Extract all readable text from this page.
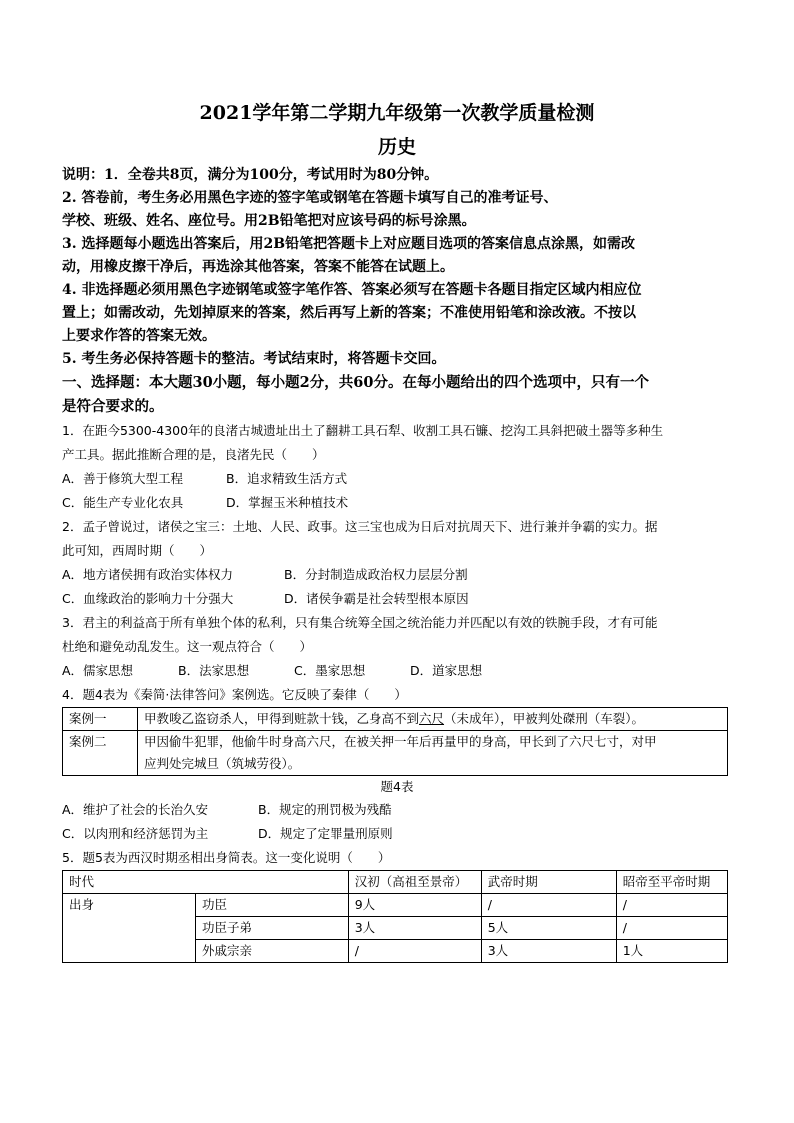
2021学年第二学期九年级第一次教学质量检测
历史
说明：1．全卷共8页，满分为100分，考试用时为80分钟。
2. 答卷前，考生务必用黑色字迹的签字笔或钢笔在答题卡填写自己的准考证号、
学校、班级、姓名、座位号。用2B铅笔把对应该号码的标号涂黑。
3. 选择题每小题选出答案后，用2B铅笔把答题卡上对应题目选项的答案信息点涂黑，如需改
动，用橡皮擦干净后，再选涂其他答案，答案不能答在试题上。
4. 非选择题必须用黑色字迹钢笔或签字笔作答、答案必须写在答题卡各题目指定区域内相应位
置上；如需改动，先划掉原来的答案，然后再写上新的答案；不准使用铅笔和涂改液。不按以
上要求作答的答案无效。
5. 考生务必保持答题卡的整洁。考试结束时，将答题卡交回。
一、选择题：本大题30小题，每小题2分，共60分。在每小题给出的四个选项中，只有一个
是符合要求的。
1．在距今5300-4300年的良渚古城遗址出土了翻耕工具石犁、收割工具石镰、挖沟工具斜把破土器等多种生
产工具。据此推断合理的是，良渚先民（　　）
A．善于修筑大型工程	B．追求精致生活方式
C．能生产专业化农具	D．掌握玉米种植技术
2．孟子曾说过，诸侯之宝三：土地、人民、政事。这三宝也成为日后对抗周天下、进行兼并争霸的实力。据
此可知，西周时期（　　）
A．地方诸侯拥有政治实体权力	B．分封制造成政治权力层层分割
C．血缘政治的影响力十分强大	D．诸侯争霸是社会转型根本原因
3．君主的利益高于所有单独个体的私利，只有集合统筹全国之统治能力并匹配以有效的铁腕手段，才有可能
杜绝和避免动乱发生。这一观点符合（　　）
A．儒家思想	B．法家思想	C．墨家思想	D．道家思想
4．题4表为《秦简·法律答问》案例选。它反映了秦律（　　）
案例一	甲教唆乙盗窃杀人，甲得到赃款十钱，乙身高不到六尺（未成年），甲被判处磔刑（车裂）。
案例二	甲因偷牛犯罪，他偷牛时身高六尺，在被关押一年后再量甲的身高，甲长到了六尺七寸，对甲
应判处完城旦（筑城劳役）。
题4表
A．维护了社会的长治久安	B．规定的刑罚极为残酷
C．以肉刑和经济惩罚为主	D．规定了定罪量刑原则
5．题5表为西汉时期丞相出身简表。这一变化说明（　　）
时代		汉初（高祖至景帝）	武帝时期	昭帝至平帝时期
出身	功臣	9人	/	/
	功臣子弟	3人	5人	/
	外戚宗亲	/	3人	1人
